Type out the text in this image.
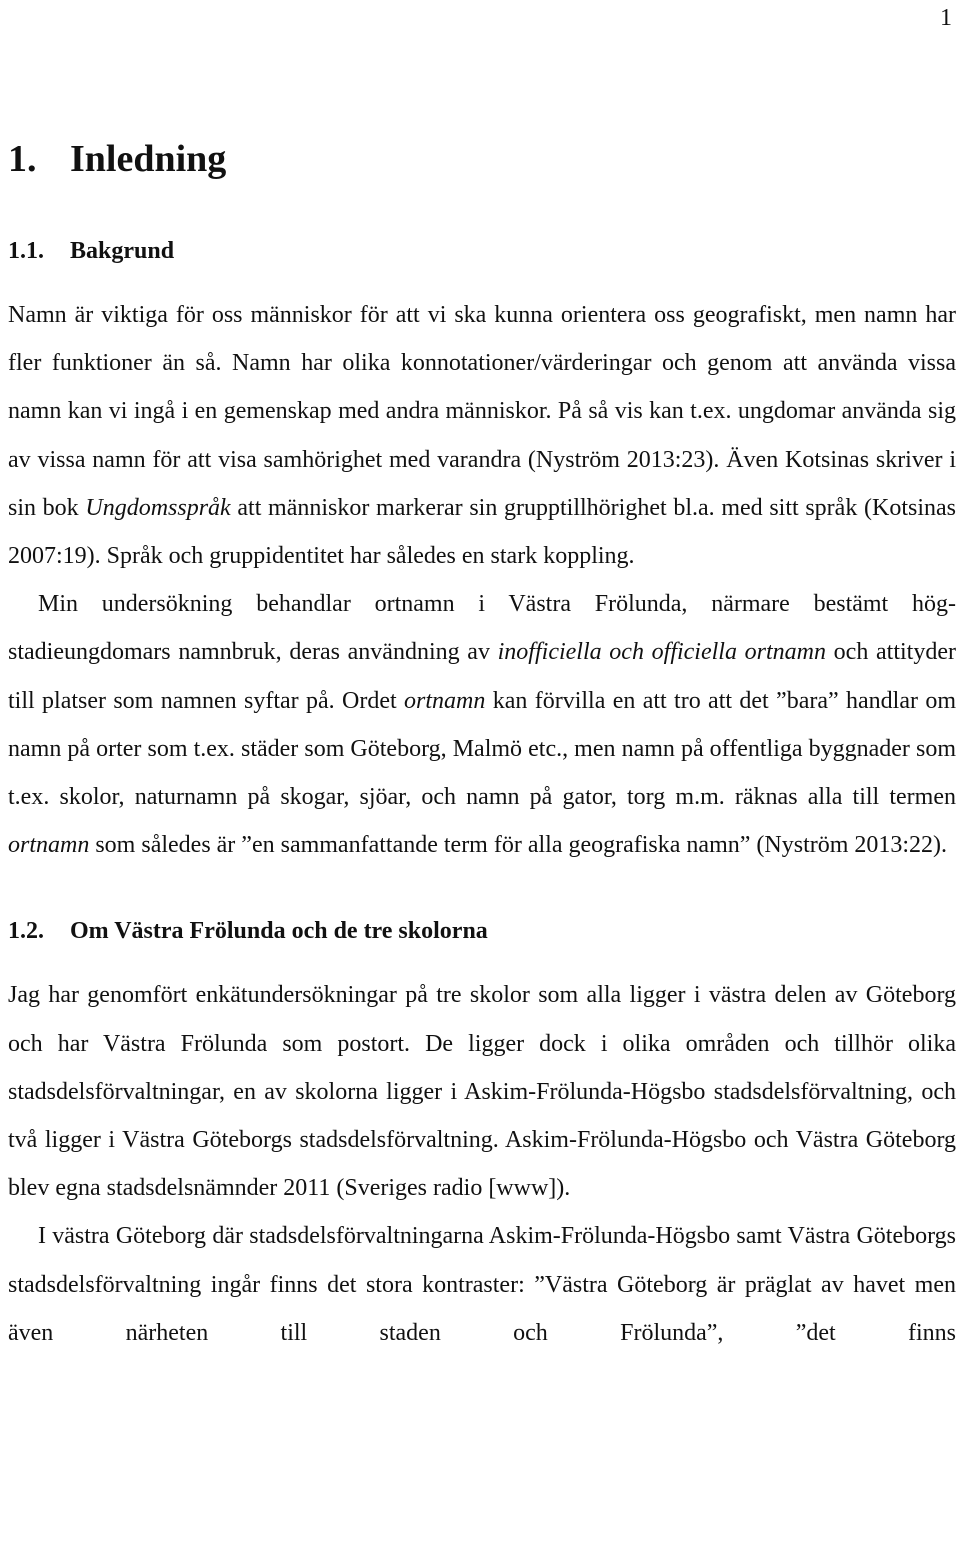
1
1. Inledning
1.1.	Bakgrund

Namn är viktiga för oss människor för att vi ska kunna orientera oss geografiskt, men namn har fler funktioner än så. Namn har olika konnotationer/värderingar och genom att använda vissa namn kan vi ingå i en gemenskap med andra människor. På så vis kan t.ex. ungdomar använda sig av vissa namn för att visa samhörighet med varandra (Nyström 2013:23). Även Kotsinas skriver i sin bok Ungdomsspråk att människor markerar sin grupptillhörighet bl.a. med sitt språk (Kotsinas 2007:19). Språk och gruppidentitet har således en stark koppling.

Min undersökning behandlar ortnamn i Västra Frölunda, närmare bestämt hög-stadieungdomars namnbruk, deras användning av inofficiella och officiella ortnamn och attityder till platser som namnen syftar på. Ordet ortnamn kan förvilla en att tro att det ”bara” handlar om namn på orter som t.ex. städer som Göteborg, Malmö etc., men namn på offentliga byggnader som t.ex. skolor, naturnamn på skogar, sjöar, och namn på gator, torg m.m. räknas alla till termen ortnamn som således är ”en sammanfattande term för alla geografiska namn” (Nyström 2013:22).

1.2.	Om Västra Frölunda och de tre skolorna

Jag har genomfört enkätundersökningar på tre skolor som alla ligger i västra delen av Göteborg och har Västra Frölunda som postort. De ligger dock i olika områden och tillhör olika stadsdelsförvaltningar, en av skolorna ligger i Askim-Frölunda-Högsbo stadsdelsförvaltning, och två ligger i Västra Göteborgs stadsdelsförvaltning. Askim-Frölunda-Högsbo och Västra Göteborg blev egna stadsdelsnämnder 2011 (Sveriges radio [www]).

I västra Göteborg där stadsdelsförvaltningarna Askim-Frölunda-Högsbo samt Västra Göteborgs stadsdelsförvaltning ingår finns det stora kontraster: ”Västra Göteborg är präglat av havet men även närheten till staden och Frölunda”, ”det finns
